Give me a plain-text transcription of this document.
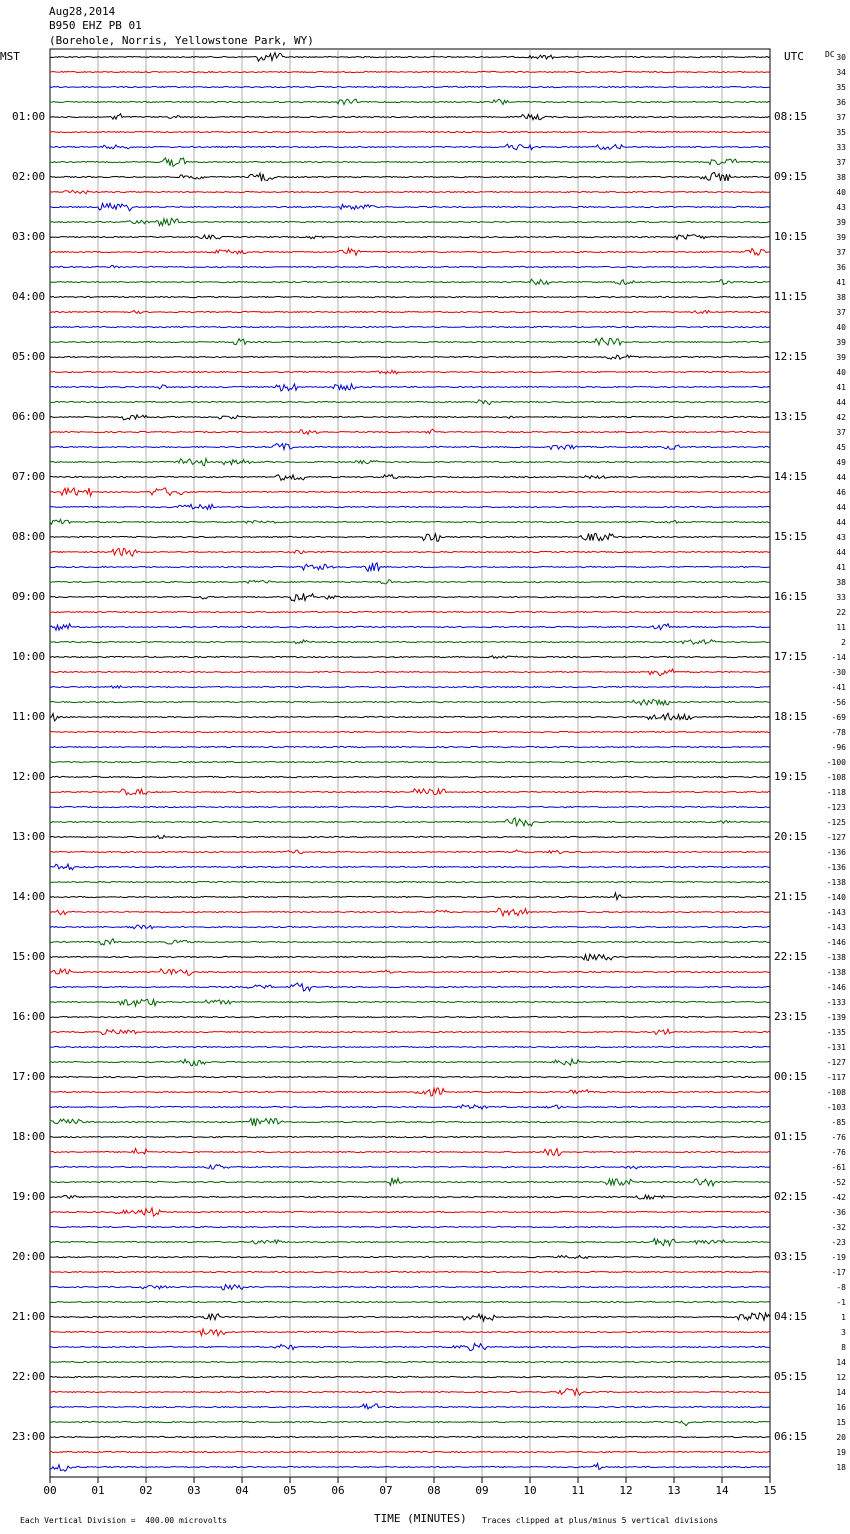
Aug28,2014
B950 EHZ PB 01
(Borehole, Norris, Yellowstone Park, WY)
MST	UTC	DC
00	01	02	03	04	05	06	07	08	09	10	11	12	13	14	15
01:00
02:00
03:00
04:00
05:00
06:00
07:00
08:00
09:00
10:00
11:00
12:00
13:00
14:00
15:00
16:00
17:00
18:00
19:00
20:00
21:00
22:00
23:00
08:15
09:15
10:15
11:15
12:15
13:15
14:15
15:15
16:15
17:15
18:15
19:15
20:15
21:15
22:15
23:15
00:15
01:15
02:15
03:15
04:15
05:15
06:15
30
34
35
36
37
35
33
37
38
40
43
39
39
37
36
41
38
37
40
39
39
40
41
44
42
37
45
49
44
46
44
44
43
44
41
38
33
22
11
2
-14
-30
-41
-56
-69
-78
-96
-100
-108
-118
-123
-125
-127
-136
-136
-138
-140
-143
-143
-146
-138
-138
-146
-133
-139
-135
-131
-127
-117
-108
-103
-85
-76
-76
-61
-52
-42
-36
-32
-23
-19
-17
-8
-1
1
3
8
14
12
14
16
15
20
19
18
Each Vertical Division =  400.00 microvolts	TIME (MINUTES) Traces clipped at plus/minus 5 vertical divisions
